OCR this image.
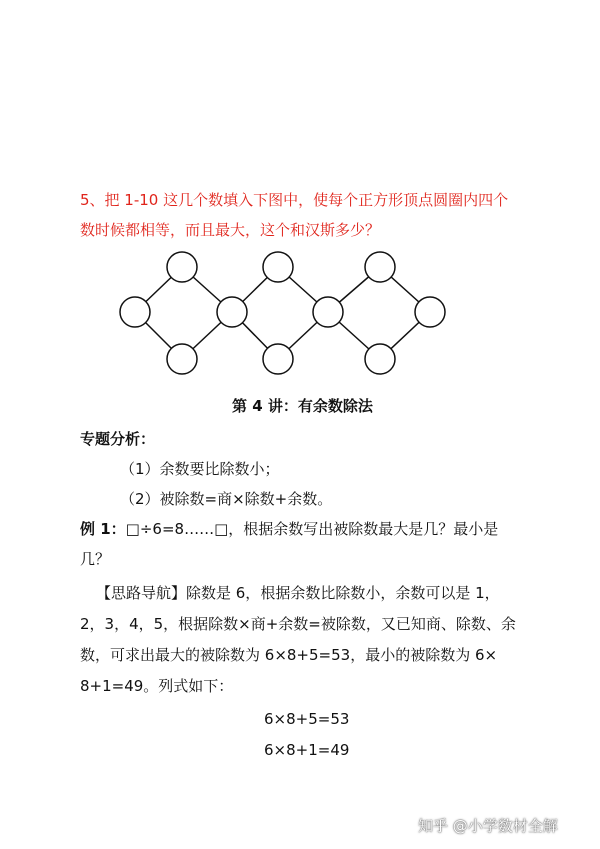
5、把 1-10 这几个数填入下图中，使每个正方形顶点圆圈内四个
数时候都相等，而且最大，这个和汉斯多少？
第 4 讲：有余数除法
专题分析：
（1）余数要比除数小；
（2）被除数=商×除数+余数。
例 1：□÷6=8……□，根据余数写出被除数最大是几？最小是
几？
【思路导航】除数是 6，根据余数比除数小，余数可以是 1，
2，3，4，5，根据除数×商+余数=被除数，又已知商、除数、余
数，可求出最大的被除数为 6×8+5=53，最小的被除数为 6×
8+1=49。列式如下：
6×8+5=53
6×8+1=49
知乎 @小学数材全解
